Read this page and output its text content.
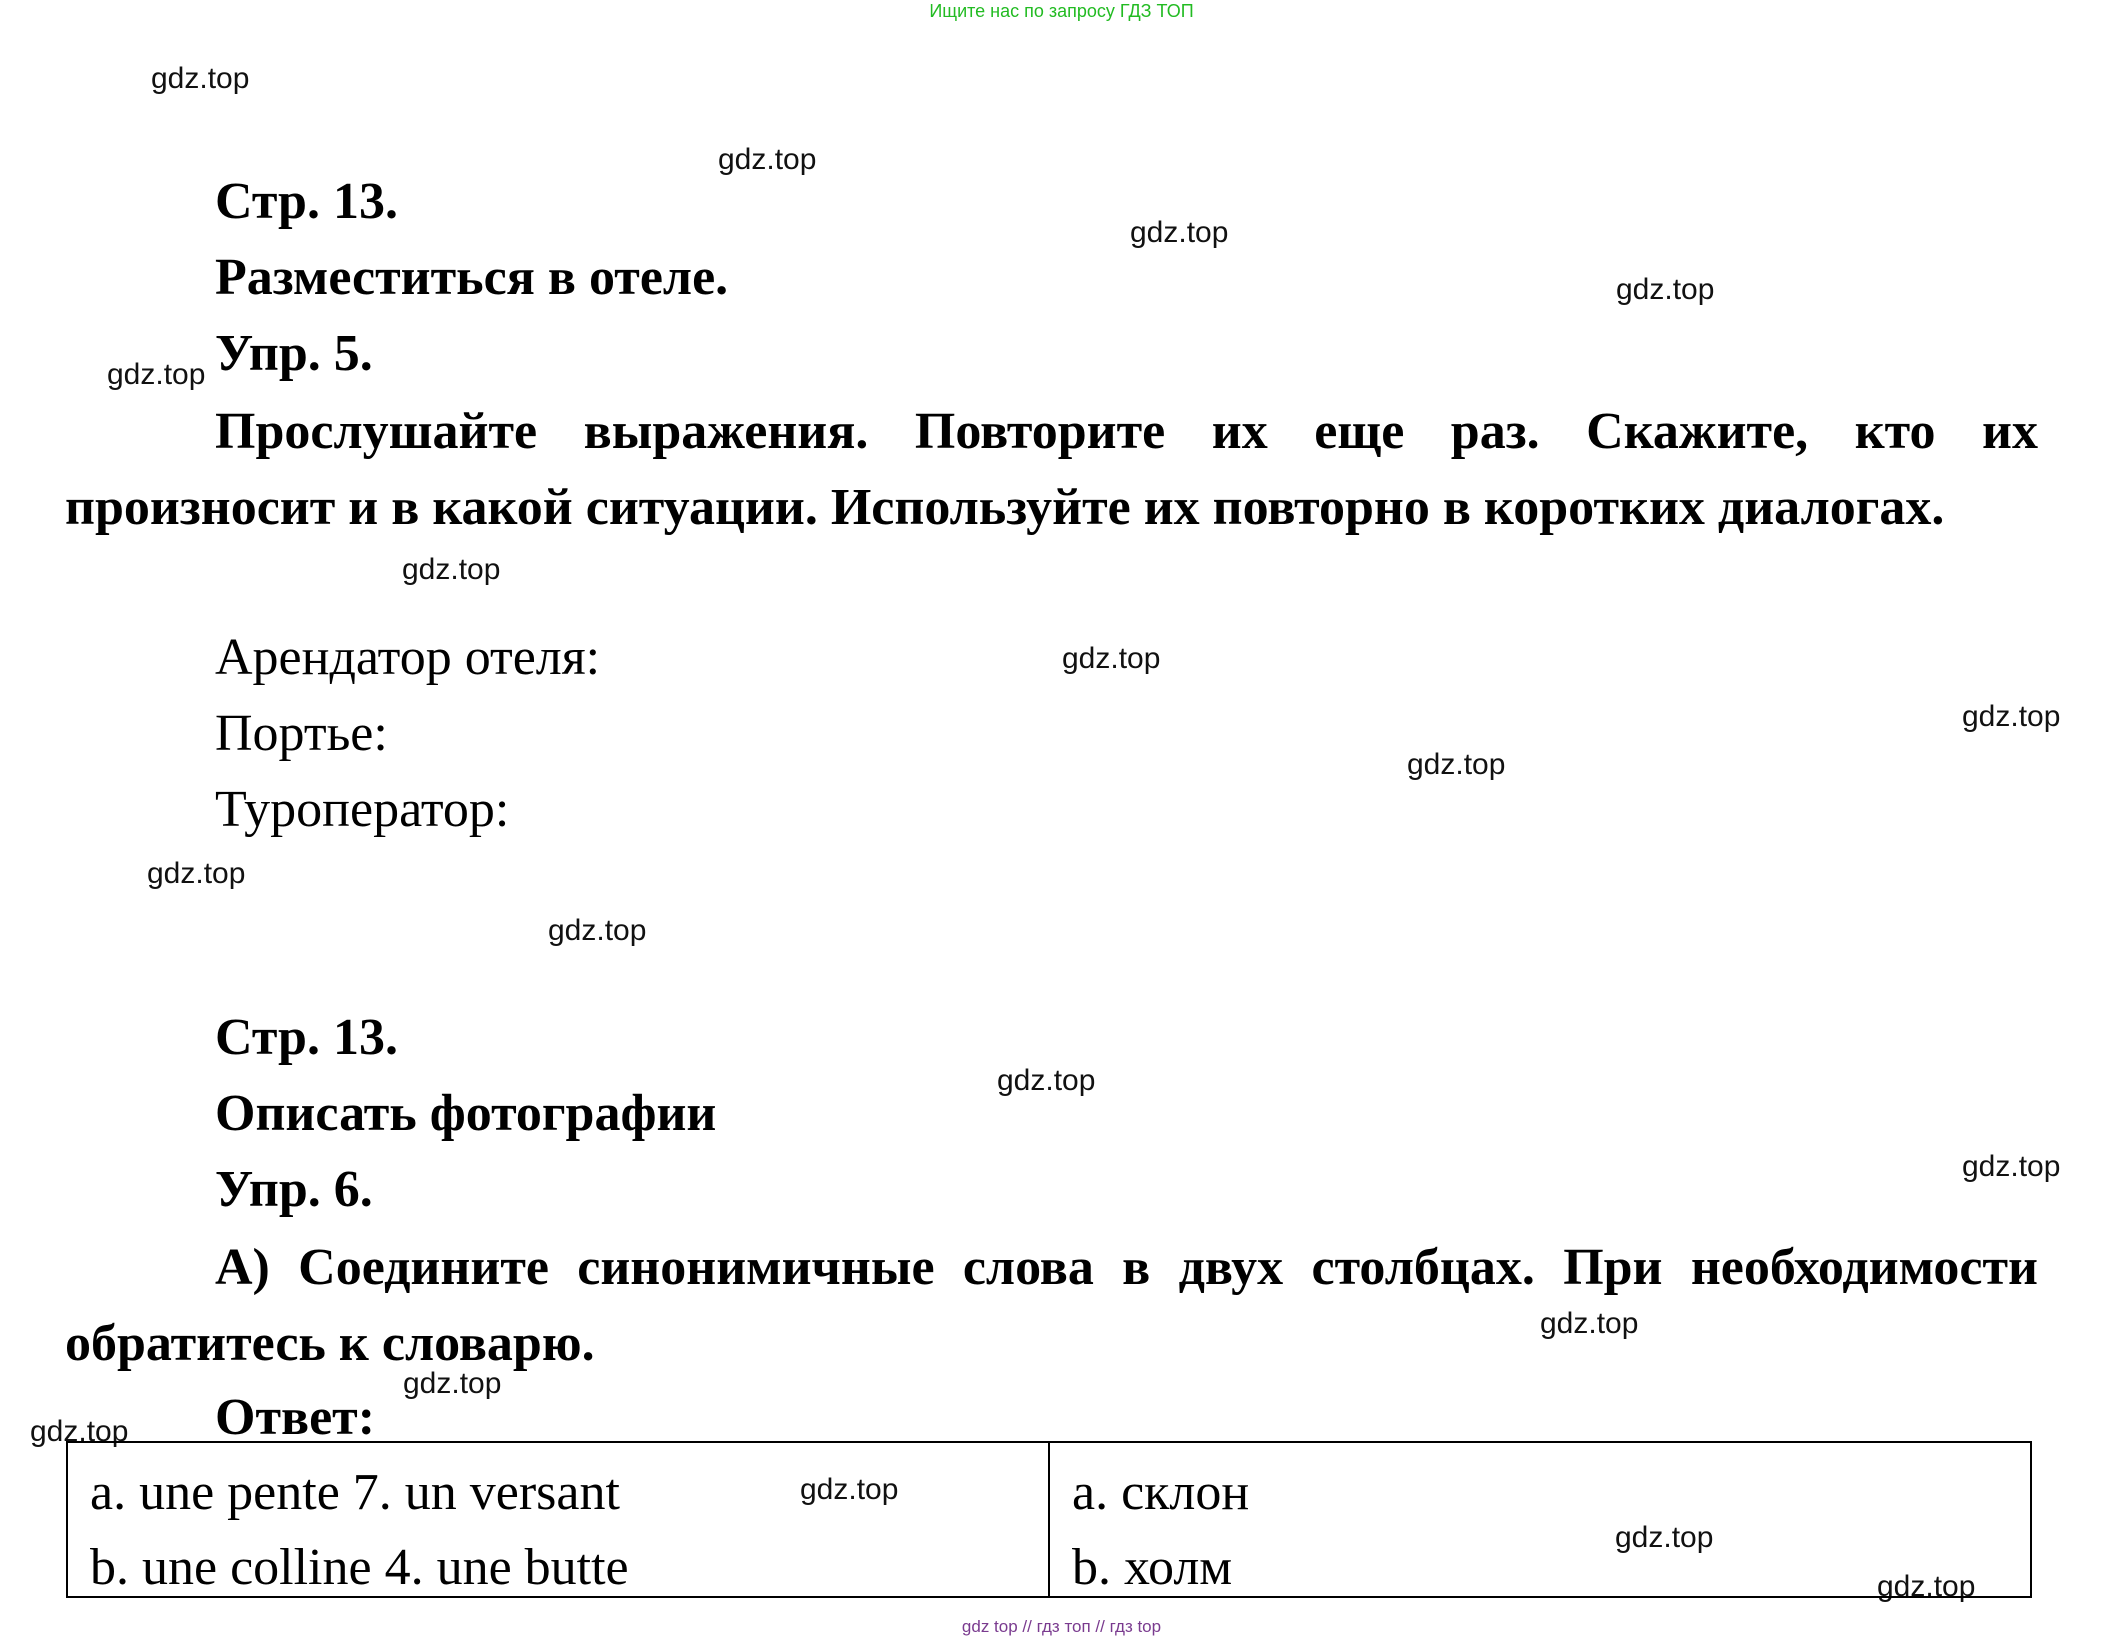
Ищите нас по запросу ГДЗ ТОП
gdz.top
gdz.top
gdz.top
gdz.top
gdz.top
gdz.top
gdz.top
gdz.top
gdz.top
gdz.top
gdz.top
gdz.top
gdz.top
gdz.top
gdz.top
gdz.top
gdz.top
gdz.top
gdz.top
Стр. 13.
Разместиться в отеле.
Упр. 5.

Прослушайте выражения. Повторите их еще раз. Скажите, кто их произносит и в какой ситуации. Используйте их повторно в коротких диалогах.

Арендатор отеля:
Портье:
Туроператор:
Стр. 13.
Описать фотографии
Упр. 6.

А) Соедините синонимичные слова в двух столбцах. При необходимости обратитесь к словарю.

Ответ:
a. une pente 7. un versant
b. une colline 4. une butte
a. склон
b. холм
gdz top // гдз топ // гдз top
